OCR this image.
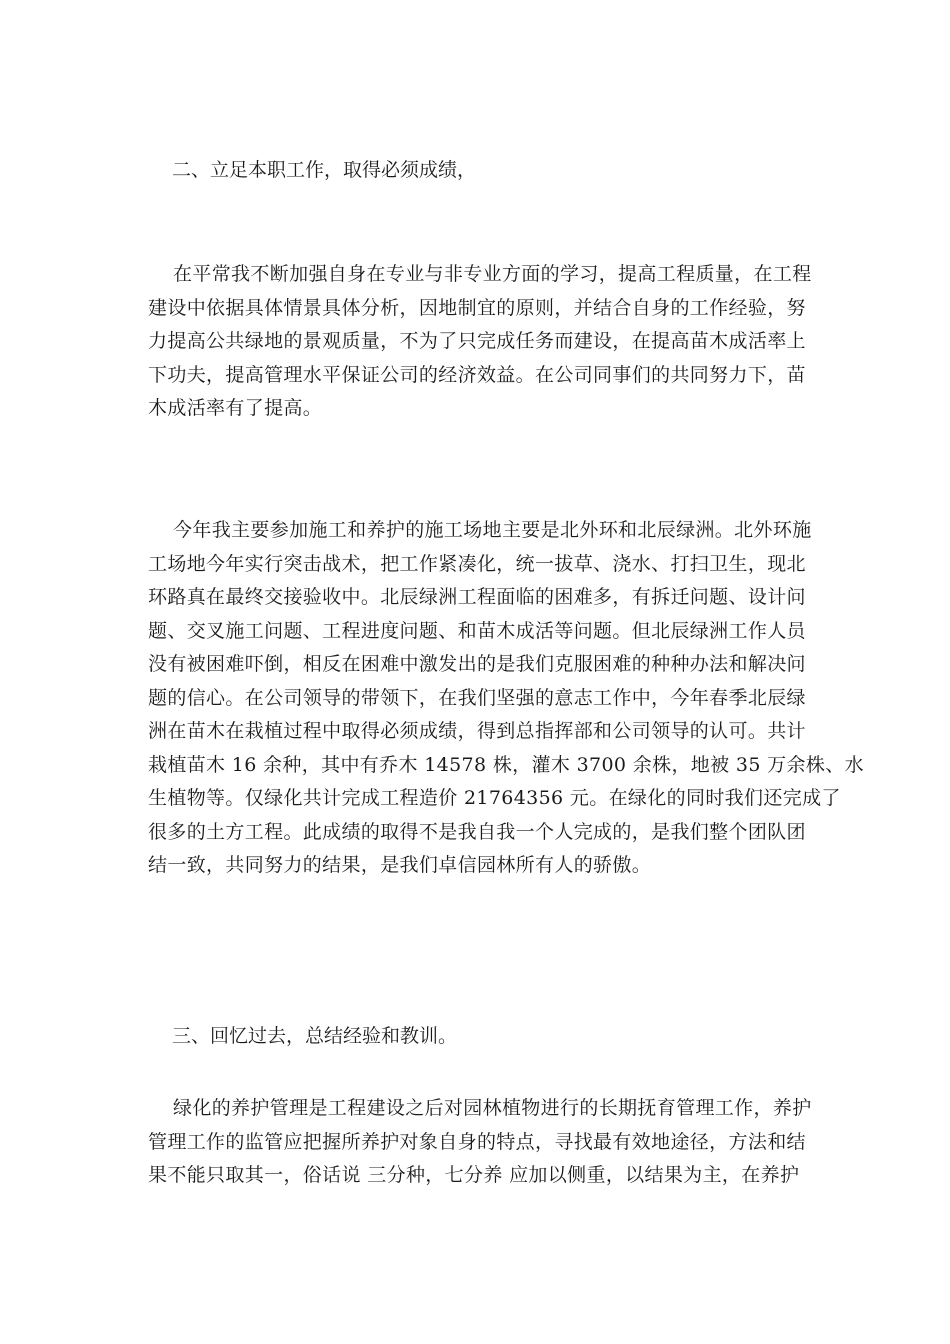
二、立足本职工作，取得必须成绩，
在平常我不断加强自身在专业与非专业方面的学习，提高工程质量，在工程
建设中依据具体情景具体分析，因地制宜的原则，并结合自身的工作经验，努
力提高公共绿地的景观质量，不为了只完成任务而建设，在提高苗木成活率上
下功夫，提高管理水平保证公司的经济效益。在公司同事们的共同努力下，苗
木成活率有了提高。
今年我主要参加施工和养护的施工场地主要是北外环和北辰绿洲。北外环施
工场地今年实行突击战术，把工作紧凑化，统一拔草、浇水、打扫卫生，现北
环路真在最终交接验收中。北辰绿洲工程面临的困难多，有拆迁问题、设计问
题、交叉施工问题、工程进度问题、和苗木成活等问题。但北辰绿洲工作人员
没有被困难吓倒，相反在困难中激发出的是我们克服困难的种种办法和解决问
题的信心。在公司领导的带领下，在我们坚强的意志工作中，今年春季北辰绿
洲在苗木在栽植过程中取得必须成绩，得到总指挥部和公司领导的认可。共计
栽植苗木 16 余种，其中有乔木 14578 株，灌木 3700 余株，地被 35 万余株、水
生植物等。仅绿化共计完成工程造价 21764356 元。在绿化的同时我们还完成了
很多的土方工程。此成绩的取得不是我自我一个人完成的，是我们整个团队团
结一致，共同努力的结果，是我们卓信园林所有人的骄傲。
三、回忆过去，总结经验和教训。
绿化的养护管理是工程建设之后对园林植物进行的长期抚育管理工作，养护
管理工作的监管应把握所养护对象自身的特点，寻找最有效地途径，方法和结
果不能只取其一，俗话说 三分种，七分养 应加以侧重，以结果为主，在养护
